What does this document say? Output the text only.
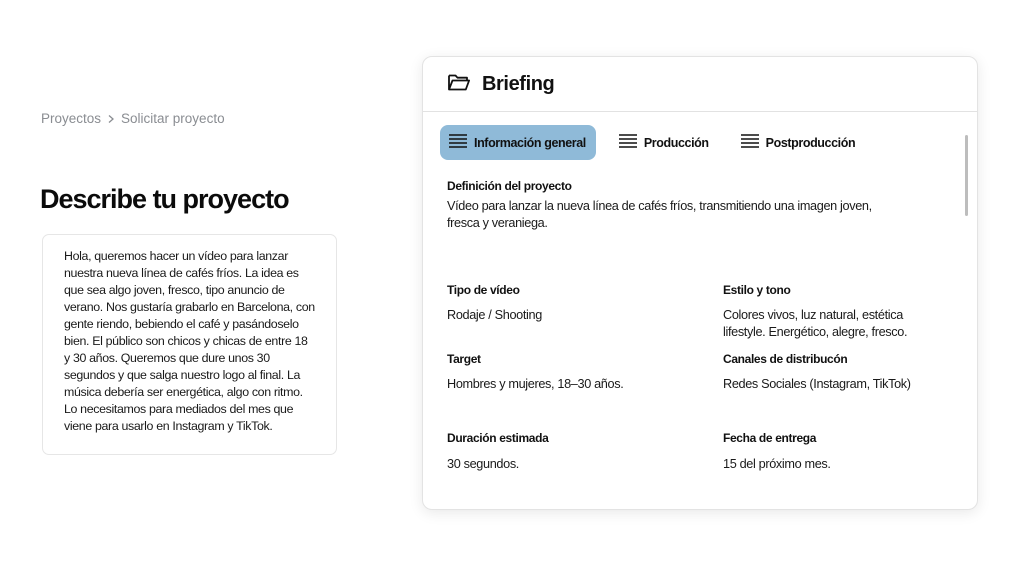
Proyectos Solicitar proyecto
Describe tu proyecto

Hola, queremos hacer un vídeo para lanzar
nuestra nueva línea de cafés fríos. La idea es
que sea algo joven, fresco, tipo anuncio de
verano. Nos gustaría grabarlo en Barcelona, con
gente riendo, bebiendo el café y pasándoselo
bien. El público son chicos y chicas de entre 18
y 30 años. Queremos que dure unos 30
segundos y que salga nuestro logo al final. La
música debería ser energética, algo con ritmo.
Lo necesitamos para mediados del mes que
viene para usarlo en Instagram y TikTok.

Briefing
Información general	Producción	Postproducción
Definición del proyecto
Vídeo para lanzar la nueva línea de cafés fríos, transmitiendo una imagen joven,
fresca y veraniega.
Tipo de vídeo
Rodaje / Shooting
Estilo y tono
Colores vivos, luz natural, estética
lifestyle. Energético, alegre, fresco.
Target
Hombres y mujeres, 18–30 años.
Canales de distribucón
Redes Sociales (Instagram, TikTok)
Duración estimada
30 segundos.
Fecha de entrega
15 del próximo mes.
